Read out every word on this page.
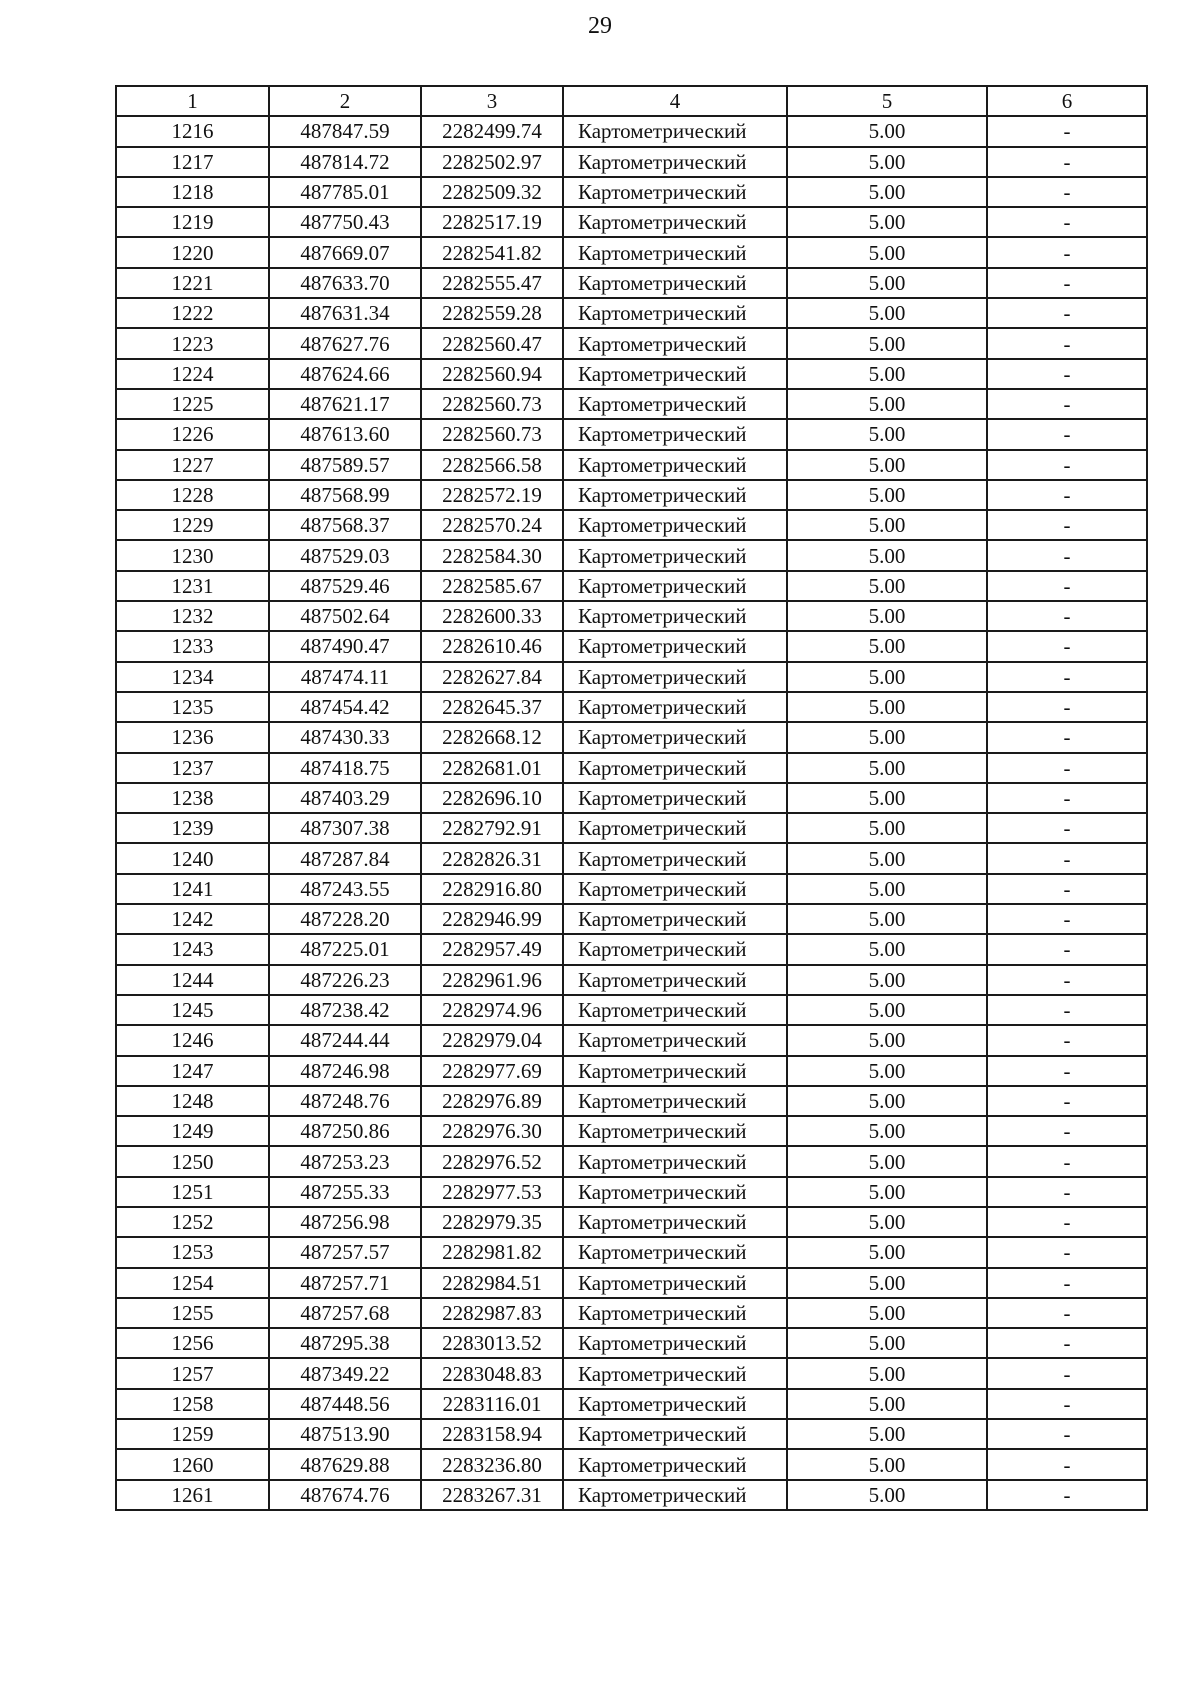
29
1	2	3	4	5	6
1216	487847.59	2282499.74	Картометрический	5.00	-
1217	487814.72	2282502.97	Картометрический	5.00	-
1218	487785.01	2282509.32	Картометрический	5.00	-
1219	487750.43	2282517.19	Картометрический	5.00	-
1220	487669.07	2282541.82	Картометрический	5.00	-
1221	487633.70	2282555.47	Картометрический	5.00	-
1222	487631.34	2282559.28	Картометрический	5.00	-
1223	487627.76	2282560.47	Картометрический	5.00	-
1224	487624.66	2282560.94	Картометрический	5.00	-
1225	487621.17	2282560.73	Картометрический	5.00	-
1226	487613.60	2282560.73	Картометрический	5.00	-
1227	487589.57	2282566.58	Картометрический	5.00	-
1228	487568.99	2282572.19	Картометрический	5.00	-
1229	487568.37	2282570.24	Картометрический	5.00	-
1230	487529.03	2282584.30	Картометрический	5.00	-
1231	487529.46	2282585.67	Картометрический	5.00	-
1232	487502.64	2282600.33	Картометрический	5.00	-
1233	487490.47	2282610.46	Картометрический	5.00	-
1234	487474.11	2282627.84	Картометрический	5.00	-
1235	487454.42	2282645.37	Картометрический	5.00	-
1236	487430.33	2282668.12	Картометрический	5.00	-
1237	487418.75	2282681.01	Картометрический	5.00	-
1238	487403.29	2282696.10	Картометрический	5.00	-
1239	487307.38	2282792.91	Картометрический	5.00	-
1240	487287.84	2282826.31	Картометрический	5.00	-
1241	487243.55	2282916.80	Картометрический	5.00	-
1242	487228.20	2282946.99	Картометрический	5.00	-
1243	487225.01	2282957.49	Картометрический	5.00	-
1244	487226.23	2282961.96	Картометрический	5.00	-
1245	487238.42	2282974.96	Картометрический	5.00	-
1246	487244.44	2282979.04	Картометрический	5.00	-
1247	487246.98	2282977.69	Картометрический	5.00	-
1248	487248.76	2282976.89	Картометрический	5.00	-
1249	487250.86	2282976.30	Картометрический	5.00	-
1250	487253.23	2282976.52	Картометрический	5.00	-
1251	487255.33	2282977.53	Картометрический	5.00	-
1252	487256.98	2282979.35	Картометрический	5.00	-
1253	487257.57	2282981.82	Картометрический	5.00	-
1254	487257.71	2282984.51	Картометрический	5.00	-
1255	487257.68	2282987.83	Картометрический	5.00	-
1256	487295.38	2283013.52	Картометрический	5.00	-
1257	487349.22	2283048.83	Картометрический	5.00	-
1258	487448.56	2283116.01	Картометрический	5.00	-
1259	487513.90	2283158.94	Картометрический	5.00	-
1260	487629.88	2283236.80	Картометрический	5.00	-
1261	487674.76	2283267.31	Картометрический	5.00	-
